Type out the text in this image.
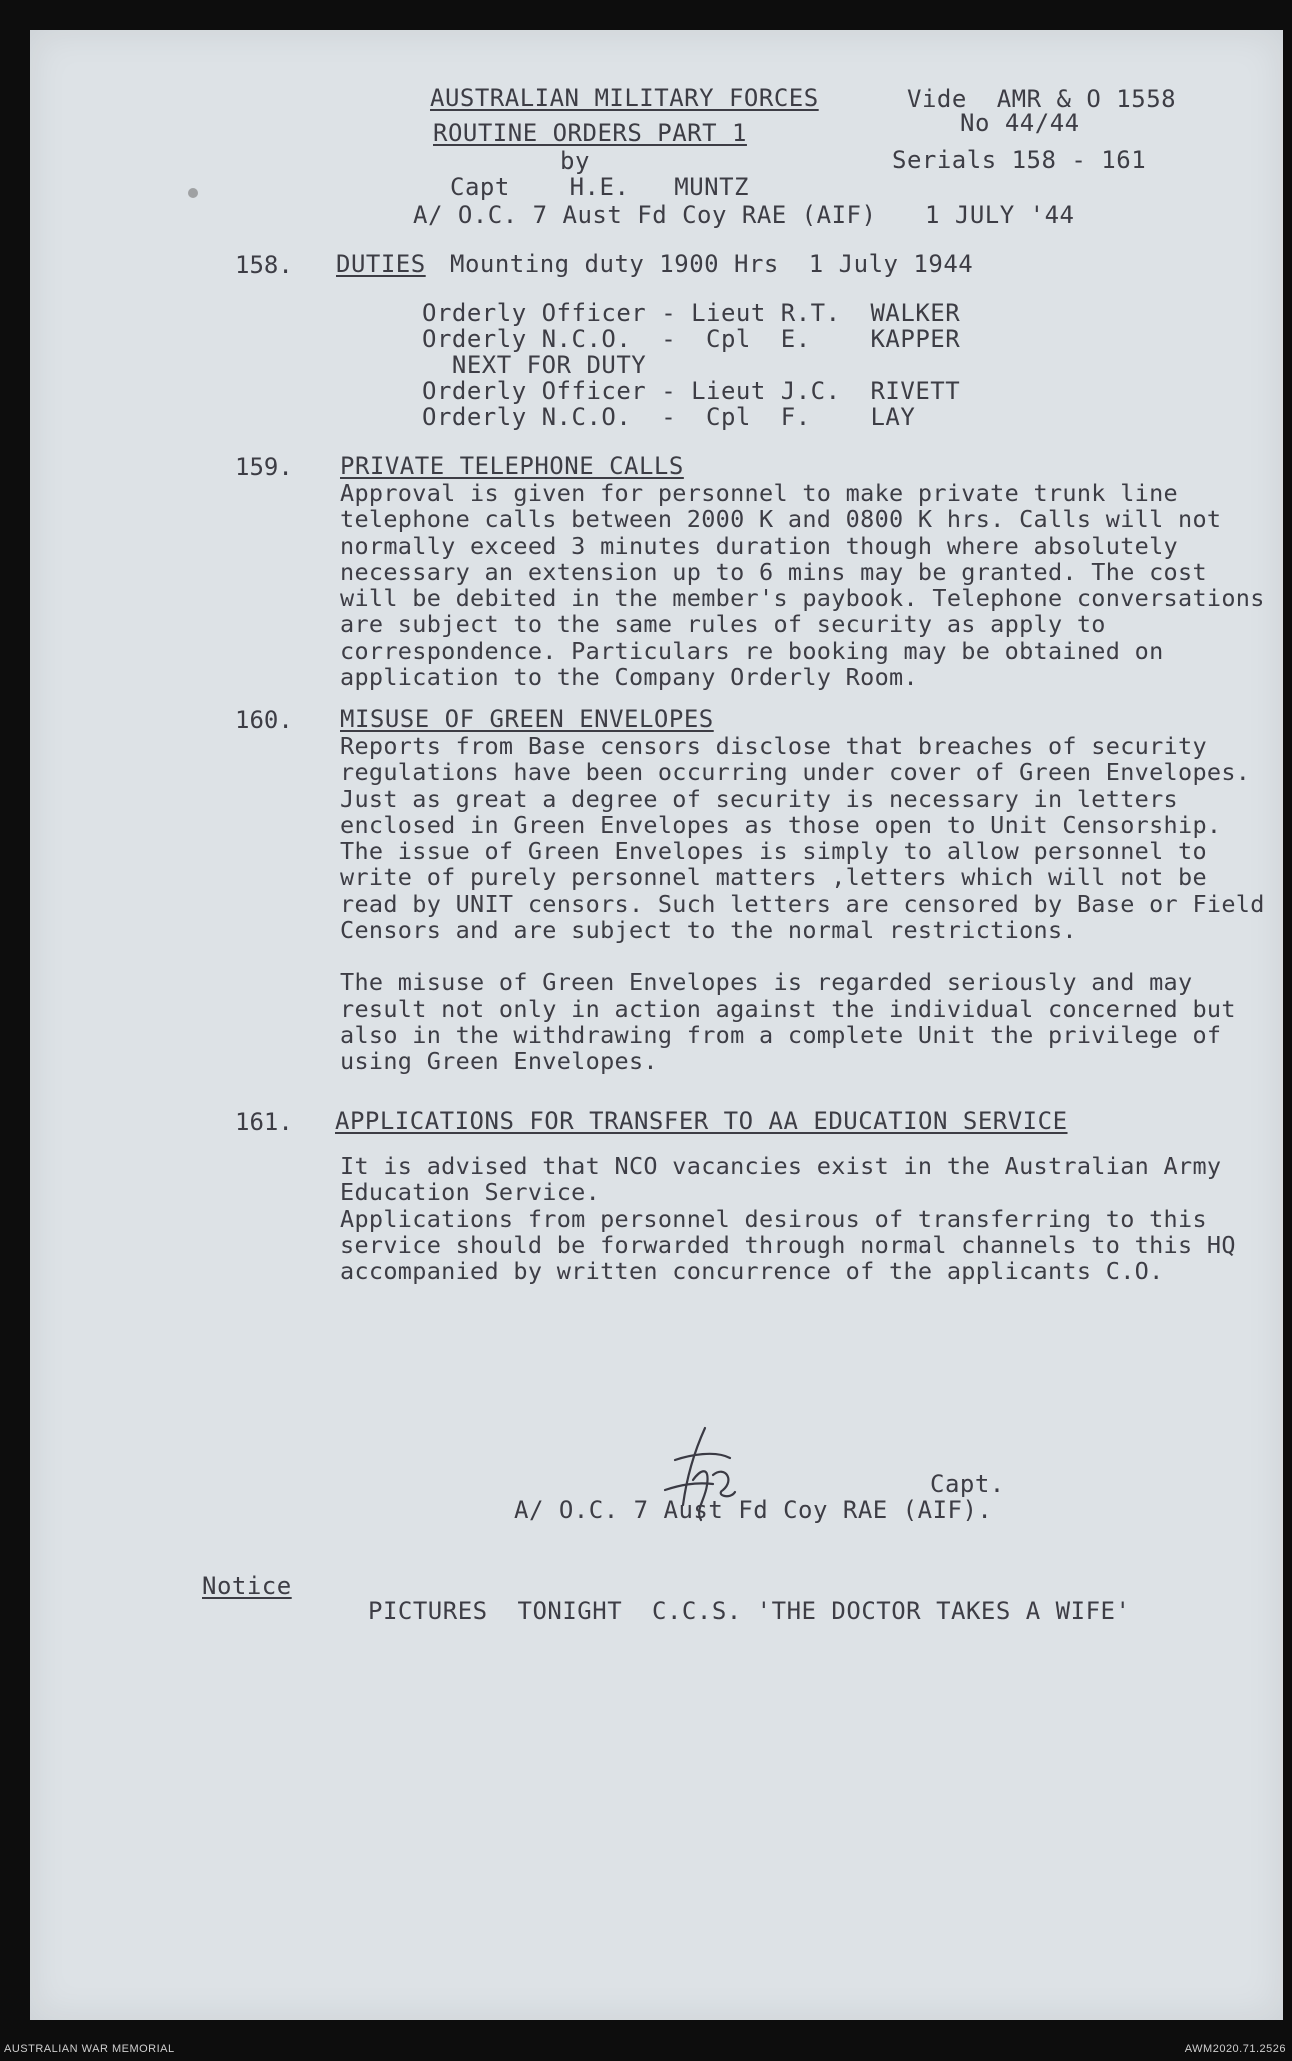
AUSTRALIAN MILITARY FORCES
ROUTINE ORDERS PART 1
by
Capt    H.E.   MUNTZ
A/ O.C. 7 Aust Fd Coy RAE (AIF)
Vide  AMR & O 1558
No 44/44
Serials 158 - 161
1 JULY '44
158. DUTIES Mounting duty 1900 Hrs  1 July 1944
Orderly Officer - Lieut R.T.  WALKER
Orderly N.C.O.  -  Cpl  E.    KAPPER
NEXT FOR DUTY
Orderly Officer - Lieut J.C.  RIVETT
Orderly N.C.O.  -  Cpl  F.    LAY
159. PRIVATE TELEPHONE CALLS

Approval is given for personnel to make private trunk line telephone calls between 2000 K and 0800 K hrs. Calls will not normally exceed 3 minutes duration though where absolutely necessary an extension up to 6 mins may be granted. The cost will be debited in the member's paybook. Telephone conversations are subject to the same rules of security as apply to correspondence. Particulars re booking may be obtained on application to the Company Orderly Room.

160. MISUSE OF GREEN ENVELOPES

Reports from Base censors disclose that breaches of security regulations have been occurring under cover of Green Envelopes. Just as great a degree of security is necessary in letters enclosed in Green Envelopes as those open to Unit Censorship.

The issue of Green Envelopes is simply to allow personnel to write of purely personnel matters ,letters which will not be read by UNIT censors. Such letters are censored by Base or Field Censors and are subject to the normal restrictions.

The misuse of Green Envelopes is regarded seriously and may result not only in action against the individual concerned but also in the withdrawing from a complete Unit the privilege of using Green Envelopes.

161. APPLICATIONS FOR TRANSFER TO AA EDUCATION SERVICE

It is advised that NCO vacancies exist in the Australian Army Education Service.

Applications from personnel desirous of transferring to this service should be forwarded through normal channels to this HQ accompanied by written concurrence of the applicants C.O.

Capt.
A/ O.C. 7 Aust Fd Coy RAE (AIF).
Notice
PICTURES  TONIGHT  C.C.S. 'THE DOCTOR TAKES A WIFE'
AUSTRALIAN WAR MEMORIAL	AWM2020.71.2526
